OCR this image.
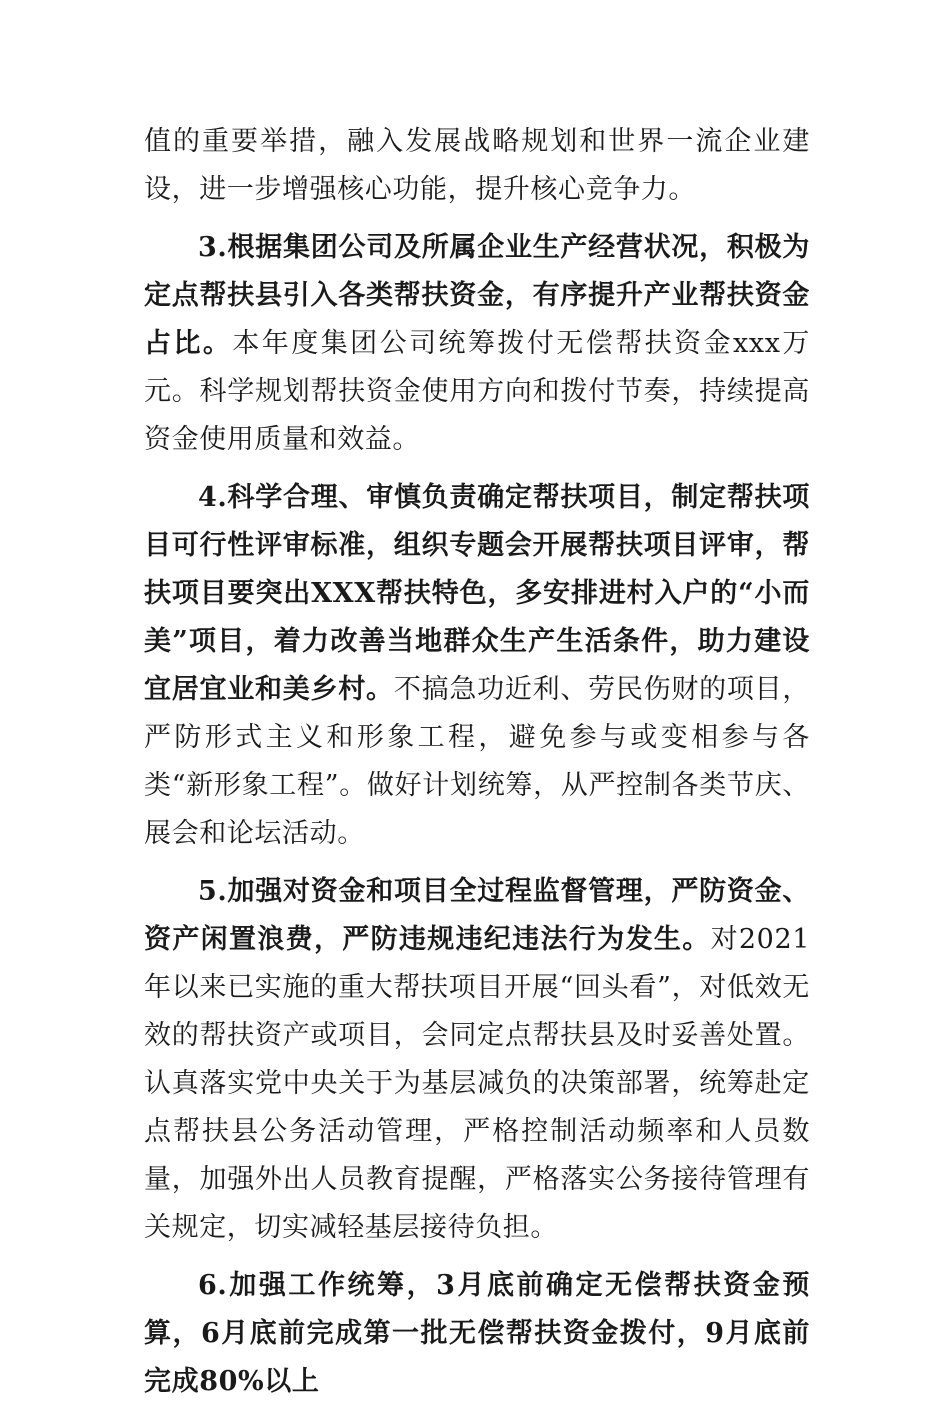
值的重要举措，融入发展战略规划和世界一流企业建设，进一步增强核心功能，提升核心竞争力。

3.根据集团公司及所属企业生产经营状况，积极为定点帮扶县引入各类帮扶资金，有序提升产业帮扶资金占比。本年度集团公司统筹拨付无偿帮扶资金xxx万元。科学规划帮扶资金使用方向和拨付节奏，持续提高资金使用质量和效益。

4.科学合理、审慎负责确定帮扶项目，制定帮扶项目可行性评审标准，组织专题会开展帮扶项目评审，帮扶项目要突出XXX帮扶特色，多安排进村入户的“小而美”项目，着力改善当地群众生产生活条件，助力建设宜居宜业和美乡村。不搞急功近利、劳民伤财的项目，严防形式主义和形象工程，避免参与或变相参与各类“新形象工程”。做好计划统筹，从严控制各类节庆、展会和论坛活动。

5.加强对资金和项目全过程监督管理，严防资金、资产闲置浪费，严防违规违纪违法行为发生。对2021年以来已实施的重大帮扶项目开展“回头看”，对低效无效的帮扶资产或项目，会同定点帮扶县及时妥善处置。认真落实党中央关于为基层减负的决策部署，统筹赴定点帮扶县公务活动管理，严格控制活动频率和人员数量，加强外出人员教育提醒，严格落实公务接待管理有关规定，切实减轻基层接待负担。

6.加强工作统筹，3月底前确定无偿帮扶资金预算，6月底前完成第一批无偿帮扶资金拨付，9月底前完成80%以上
